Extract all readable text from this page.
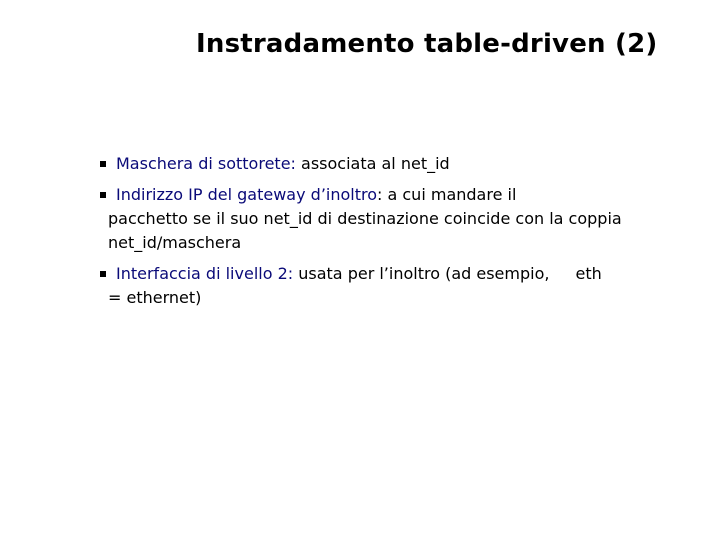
Instradamento table-driven (2)
Maschera di sottorete: associata al net_id
Indirizzo IP del gateway d’inoltro: a cui mandare il
pacchetto se il suo net_id di destinazione coincide con la coppia
net_id/maschera
Interfaccia di livello 2: usata per l’inoltro (ad esempio, eth
= ethernet)
